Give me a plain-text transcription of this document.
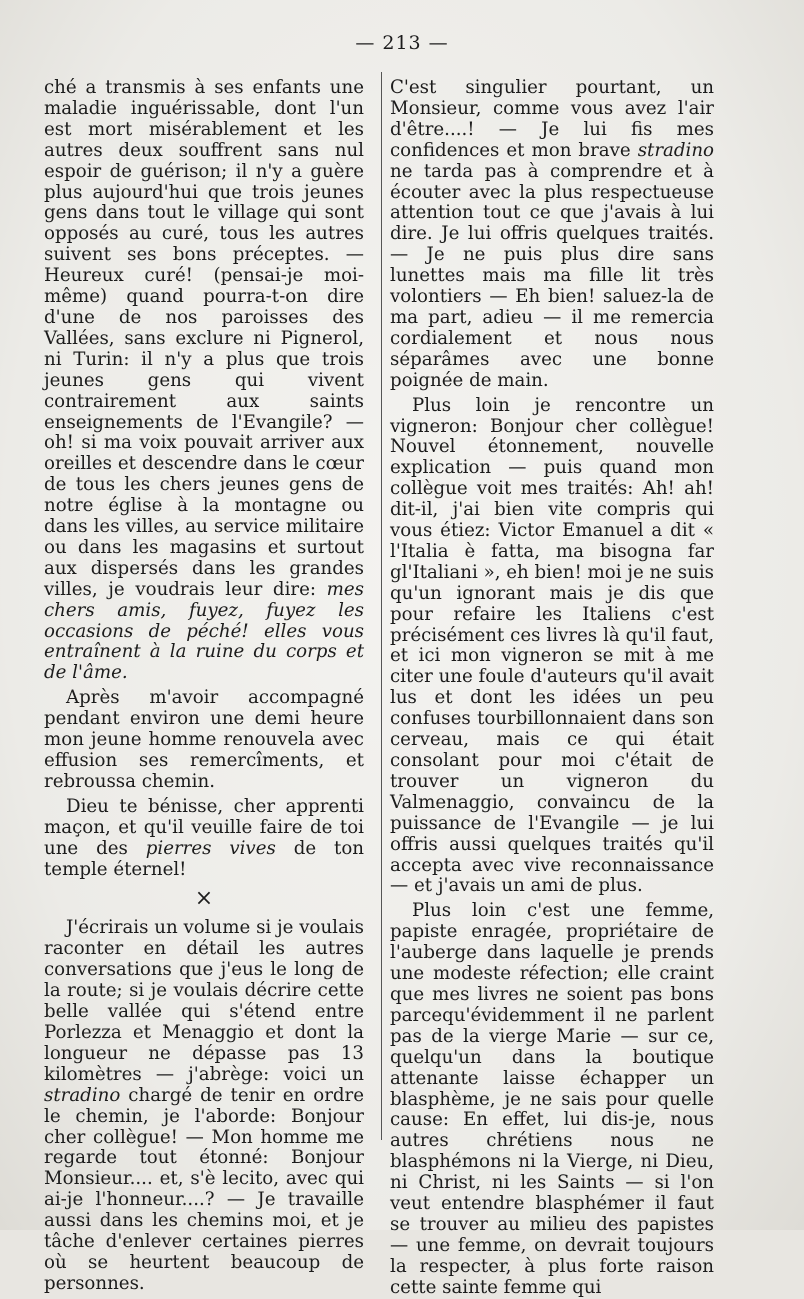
— 213 —

ché a transmis à ses enfants une maladie inguérissable, dont l'un est mort misérablement et les autres deux souffrent sans nul espoir de guérison; il n'y a guère plus aujourd'hui que trois jeunes gens dans tout le village qui sont opposés au curé, tous les autres suivent ses bons préceptes. — Heureux curé! (pensai-je moi-même) quand pourra-t-on dire d'une de nos paroisses des Vallées, sans exclure ni Pignerol, ni Turin: il n'y a plus que trois jeunes gens qui vivent contrairement aux saints enseignements de l'Evangile? — oh! si ma voix pouvait arriver aux oreilles et descendre dans le cœur de tous les chers jeunes gens de notre église à la montagne ou dans les villes, au service militaire ou dans les magasins et surtout aux dispersés dans les grandes villes, je voudrais leur dire: mes chers amis, fuyez, fuyez les occasions de péché! elles vous entraînent à la ruine du corps et de l'âme.

Après m'avoir accompagné pendant environ une demi heure mon jeune homme renouvela avec effusion ses remercîments, et rebroussa chemin.

Dieu te bénisse, cher apprenti maçon, et qu'il veuille faire de toi une des pierres vives de ton temple éternel!

×

J'écrirais un volume si je voulais raconter en détail les autres conversations que j'eus le long de la route; si je voulais décrire cette belle vallée qui s'étend entre Porlezza et Menaggio et dont la longueur ne dépasse pas 13 kilomètres — j'abrège: voici un stradino chargé de tenir en ordre le chemin, je l'aborde: Bonjour cher collègue! — Mon homme me regarde tout étonné: Bonjour Monsieur.... et, s'è lecito, avec qui ai-je l'honneur....? — Je travaille aussi dans les chemins moi, et je tâche d'enlever certaines pierres où se heurtent beaucoup de personnes.

C'est singulier pourtant, un Monsieur, comme vous avez l'air d'être....! — Je lui fis mes confidences et mon brave stradino ne tarda pas à comprendre et à écouter avec la plus respectueuse attention tout ce que j'avais à lui dire. Je lui offris quelques traités. — Je ne puis plus dire sans lunettes mais ma fille lit très volontiers — Eh bien! saluez-la de ma part, adieu — il me remercia cordialement et nous nous séparâmes avec une bonne poignée de main.

Plus loin je rencontre un vigneron: Bonjour cher collègue! Nouvel étonnement, nouvelle explication — puis quand mon collègue voit mes traités: Ah! ah! dit-il, j'ai bien vite compris qui vous étiez: Victor Emanuel a dit « l'Italia è fatta, ma bisogna far gl'Italiani », eh bien! moi je ne suis qu'un ignorant mais je dis que pour refaire les Italiens c'est précisément ces livres là qu'il faut, et ici mon vigneron se mit à me citer une foule d'auteurs qu'il avait lus et dont les idées un peu confuses tourbillonnaient dans son cerveau, mais ce qui était consolant pour moi c'était de trouver un vigneron du Valmenaggio, convaincu de la puissance de l'Evangile — je lui offris aussi quelques traités qu'il accepta avec vive reconnaissance — et j'avais un ami de plus.

Plus loin c'est une femme, papiste enragée, propriétaire de l'auberge dans laquelle je prends une modeste réfection; elle craint que mes livres ne soient pas bons parcequ'évidemment il ne parlent pas de la vierge Marie — sur ce, quelqu'un dans la boutique attenante laisse échapper un blasphème, je ne sais pour quelle cause: En effet, lui dis-je, nous autres chrétiens nous ne blasphémons ni la Vierge, ni Dieu, ni Christ, ni les Saints — si l'on veut entendre blasphémer il faut se trouver au milieu des papistes — une femme, on devrait toujours la respecter, à plus forte raison cette sainte femme qui
